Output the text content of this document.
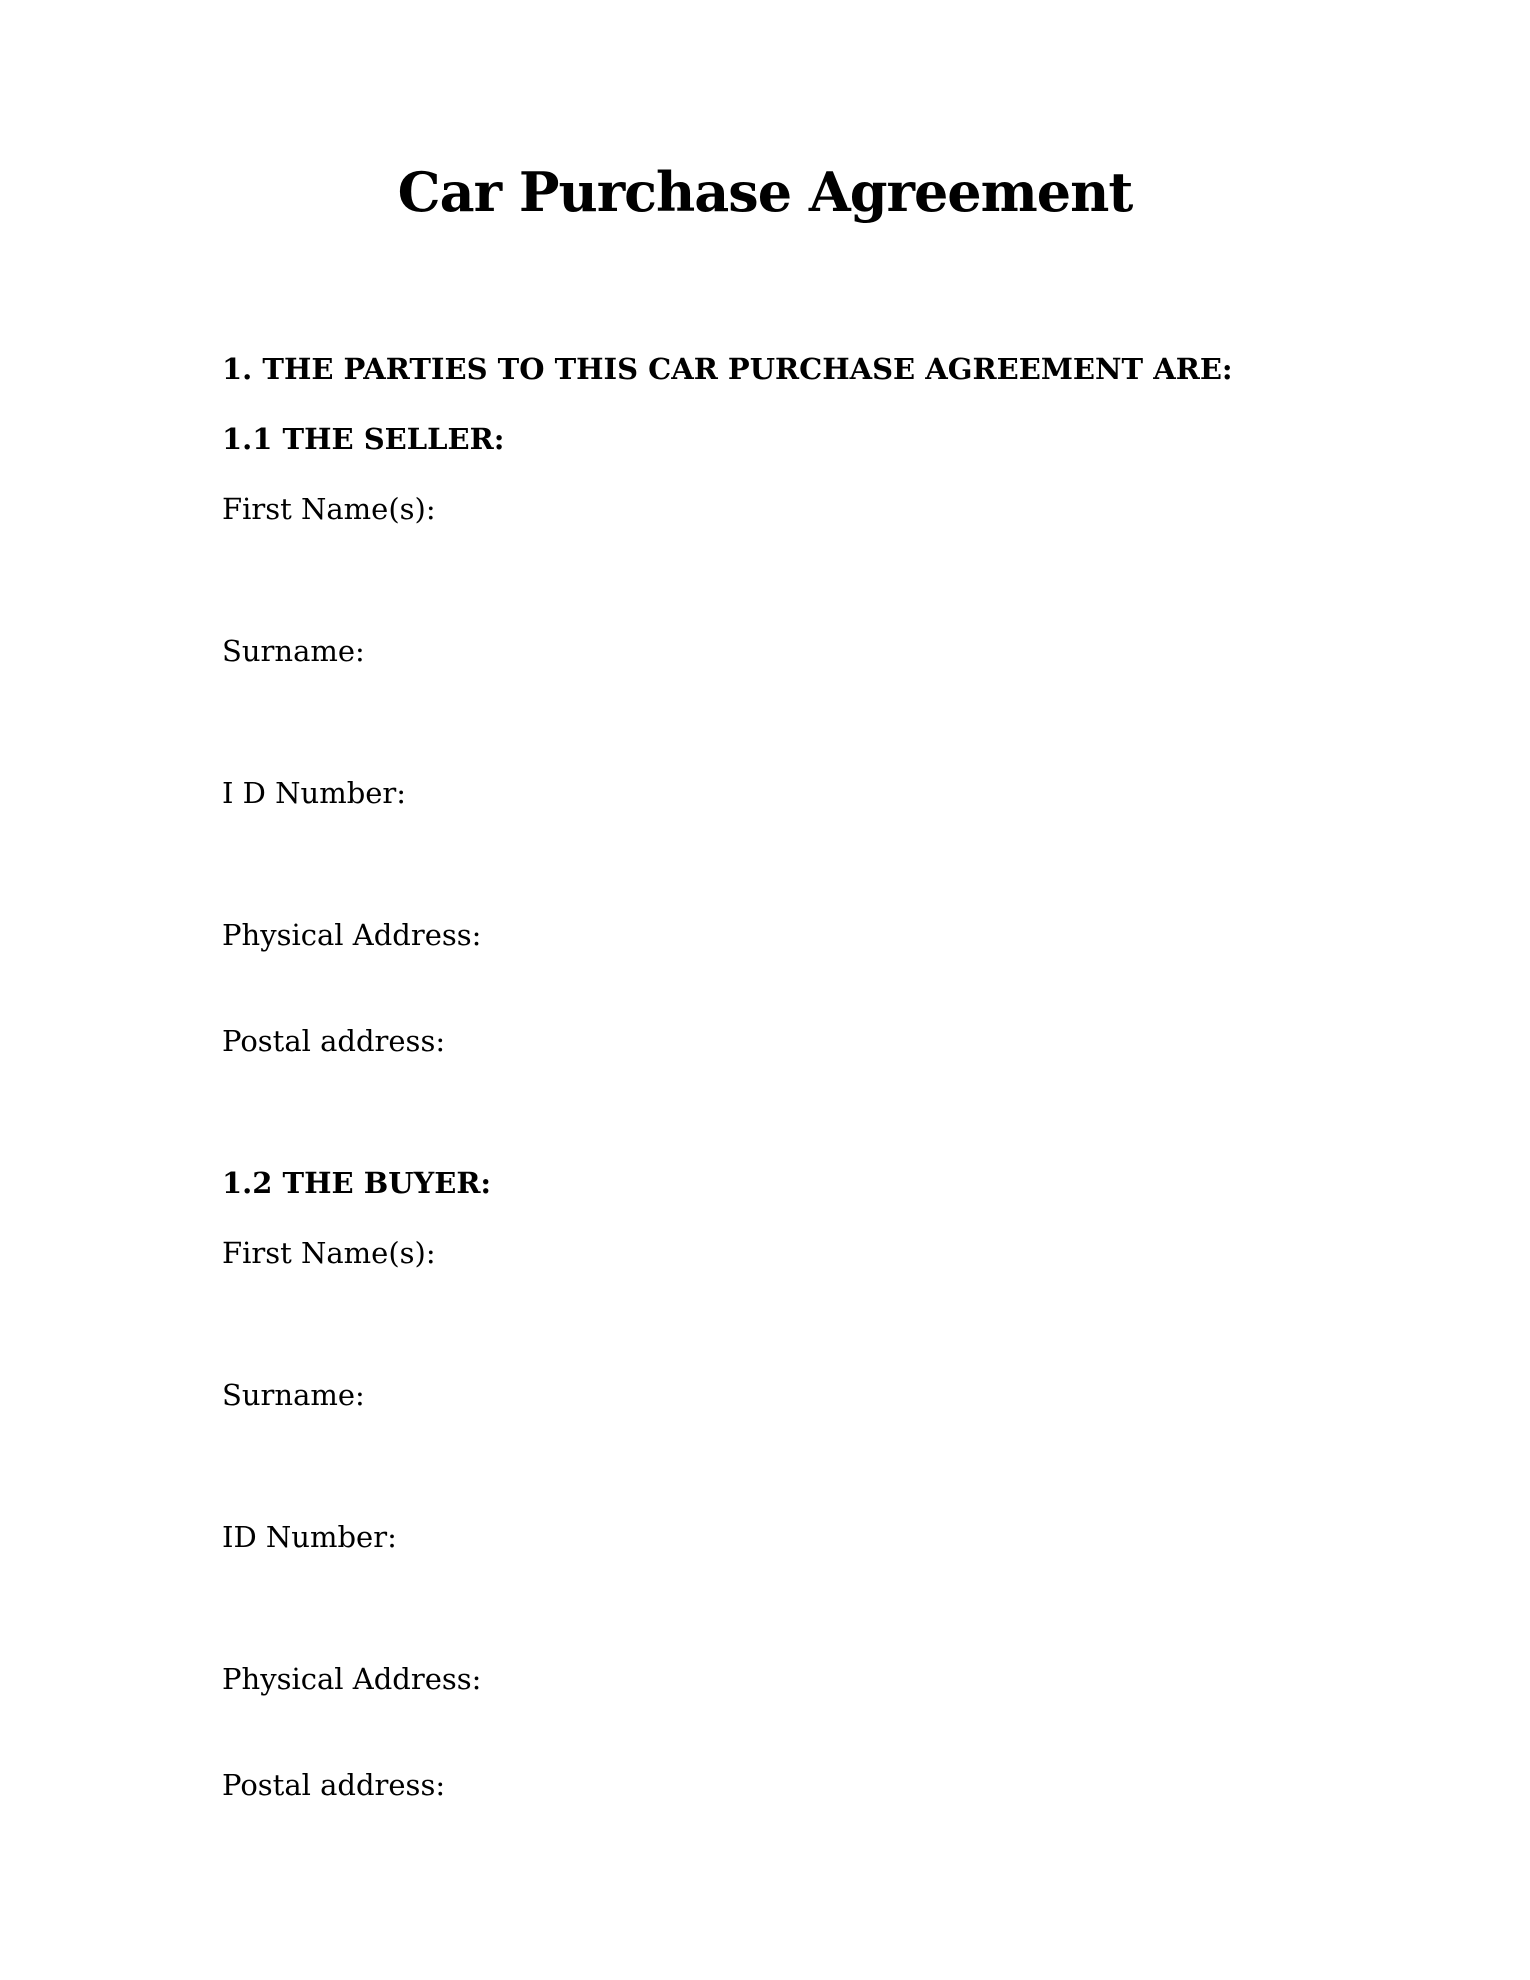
Car Purchase Agreement

1. THE PARTIES TO THIS CAR PURCHASE AGREEMENT ARE:

1.1 THE SELLER:

First Name(s):

Surname:

I D Number:

Physical Address:

Postal address:

1.2 THE BUYER:

First Name(s):

Surname:

ID Number:

Physical Address:

Postal address:
